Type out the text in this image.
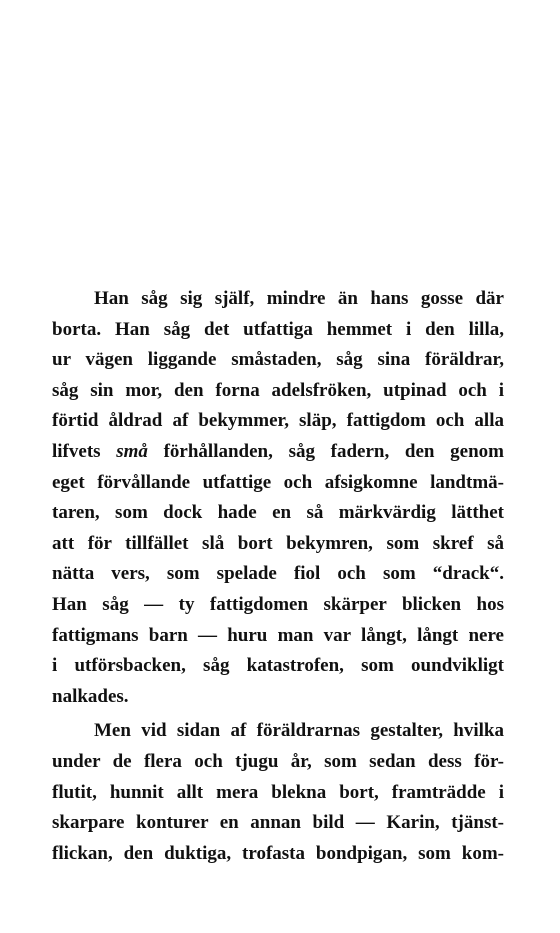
Han såg sig själf, mindre än hans gosse där
borta. Han såg det utfattiga hemmet i den lilla,
ur vägen liggande småstaden, såg sina föräldrar,
såg sin mor, den forna adelsfröken, utpinad och i
förtid åldrad af bekymmer, släp, fattigdom och alla
lifvets små förhållanden, såg fadern, den genom
eget förvållande utfattige och afsigkomne landtmä-
taren, som dock hade en så märkvärdig lätthet
att för tillfället slå bort bekymren, som skref så
nätta vers, som spelade fiol och som “drack“.
Han såg — ty fattigdomen skärper blicken hos
fattigmans barn — huru man var långt, långt nere
i utförsbacken, såg katastrofen, som oundvikligt
nalkades.
Men vid sidan af föräldrarnas gestalter, hvilka
under de flera och tjugu år, som sedan dess för-
flutit, hunnit allt mera blekna bort, framträdde i
skarpare konturer en annan bild — Karin, tjänst-
flickan, den duktiga, trofasta bondpigan, som kom-
